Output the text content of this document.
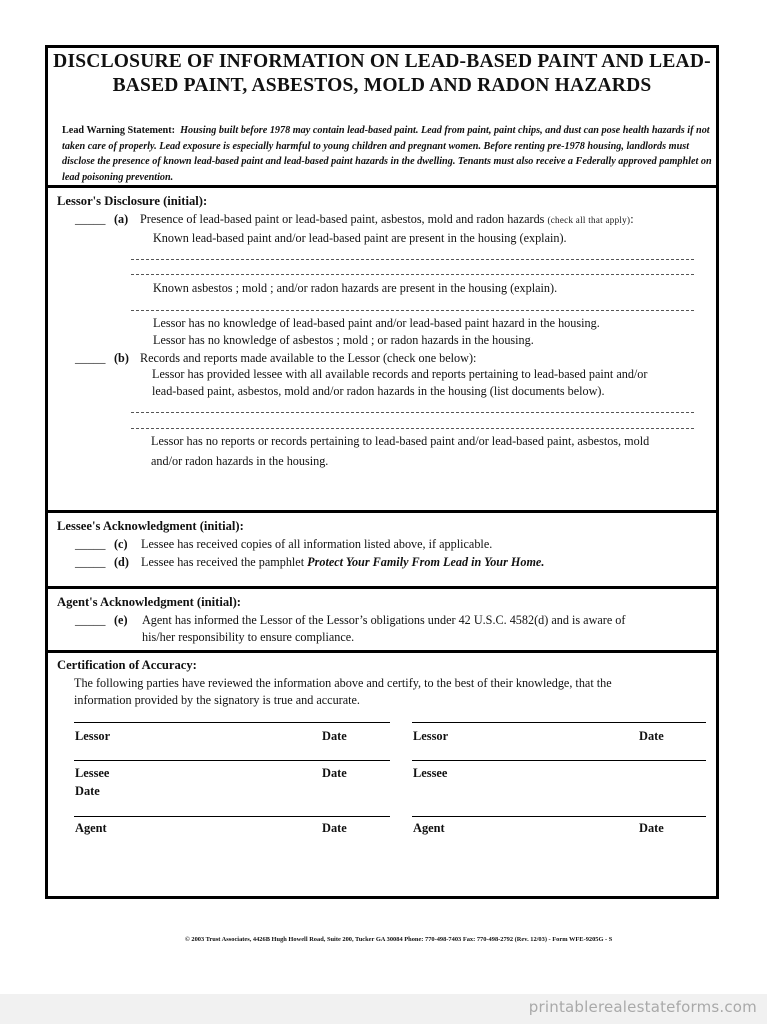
DISCLOSURE OF INFORMATION ON LEAD-BASED PAINT AND LEAD-BASED PAINT, ASBESTOS, MOLD AND RADON HAZARDS
Lead Warning Statement: Housing built before 1978 may contain lead-based paint. Lead from paint, paint chips, and dust can pose health hazards if not taken care of properly. Lead exposure is especially harmful to young children and pregnant women. Before renting pre-1978 housing, landlords must disclose the presence of known lead-based paint and lead-based paint hazards in the dwelling. Tenants must also receive a Federally approved pamphlet on lead poisoning prevention.
Lessor's Disclosure (initial):
_____ (a) Presence of lead-based paint or lead-based paint, asbestos, mold and radon hazards (check all that apply):
Known lead-based paint and/or lead-based paint are present in the housing (explain).
Known asbestos ; mold ; and/or radon hazards are present in the housing (explain).
Lessor has no knowledge of lead-based paint and/or lead-based paint hazard in the housing.
Lessor has no knowledge of asbestos ; mold ; or radon hazards in the housing.
_____ (b) Records and reports made available to the Lessor (check one below):
Lessor has provided lessee with all available records and reports pertaining to lead-based paint and/or
lead-based paint, asbestos, mold and/or radon hazards in the housing (list documents below).
Lessor has no reports or records pertaining to lead-based paint and/or lead-based paint, asbestos, mold
and/or radon hazards in the housing.
Lessee's Acknowledgment (initial):
_____ (c) Lessee has received copies of all information listed above, if applicable.
_____ (d) Lessee has received the pamphlet Protect Your Family From Lead in Your Home.
Agent's Acknowledgment (initial):
_____ (e) Agent has informed the Lessor of the Lessor’s obligations under 42 U.S.C. 4582(d) and is aware of
his/her responsibility to ensure compliance.
Certification of Accuracy:
The following parties have reviewed the information above and certify, to the best of their knowledge, that the
information provided by the signatory is true and accurate.
Lessor	Date	Lessor	Date
Lessee	Date	Lessee
Date
Agent	Date	Agent	Date
© 2003 Trust Associates, 4426B Hugh Howell Road, Suite 200, Tucker GA 30084 Phone: 770-498-7403 Fax: 770-498-2792 (Rev. 12/03) - Form WFE-9205G - S
printablerealestateforms.com
